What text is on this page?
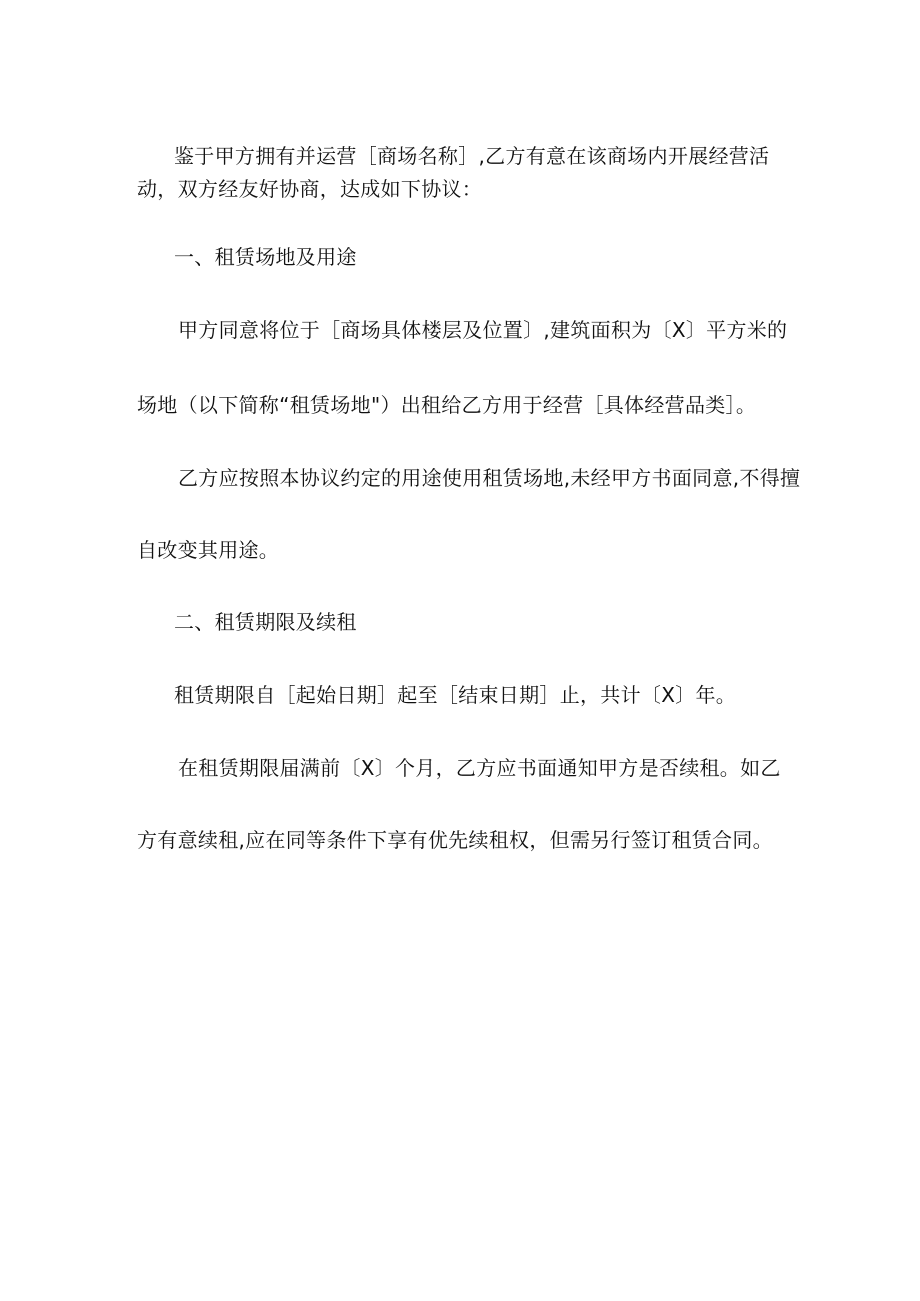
鉴于甲方拥有并运营［商场名称］,乙方有意在该商场内开展经营活
动，双方经友好协商，达成如下协议：
一、租赁场地及用途
甲方同意将位于［商场具体楼层及位置〕,建筑面积为〔X〕平方米的
场地（以下简称“租赁场地"）出租给乙方用于经营［具体经营品类］。
乙方应按照本协议约定的用途使用租赁场地,未经甲方书面同意,不得擅
自改变其用途。
二、租赁期限及续租
租赁期限自［起始日期］起至［结束日期］止，共计〔X〕年。
在租赁期限届满前〔X〕个月，乙方应书面通知甲方是否续租。如乙
方有意续租,应在同等条件下享有优先续租权，但需另行签订租赁合同。
